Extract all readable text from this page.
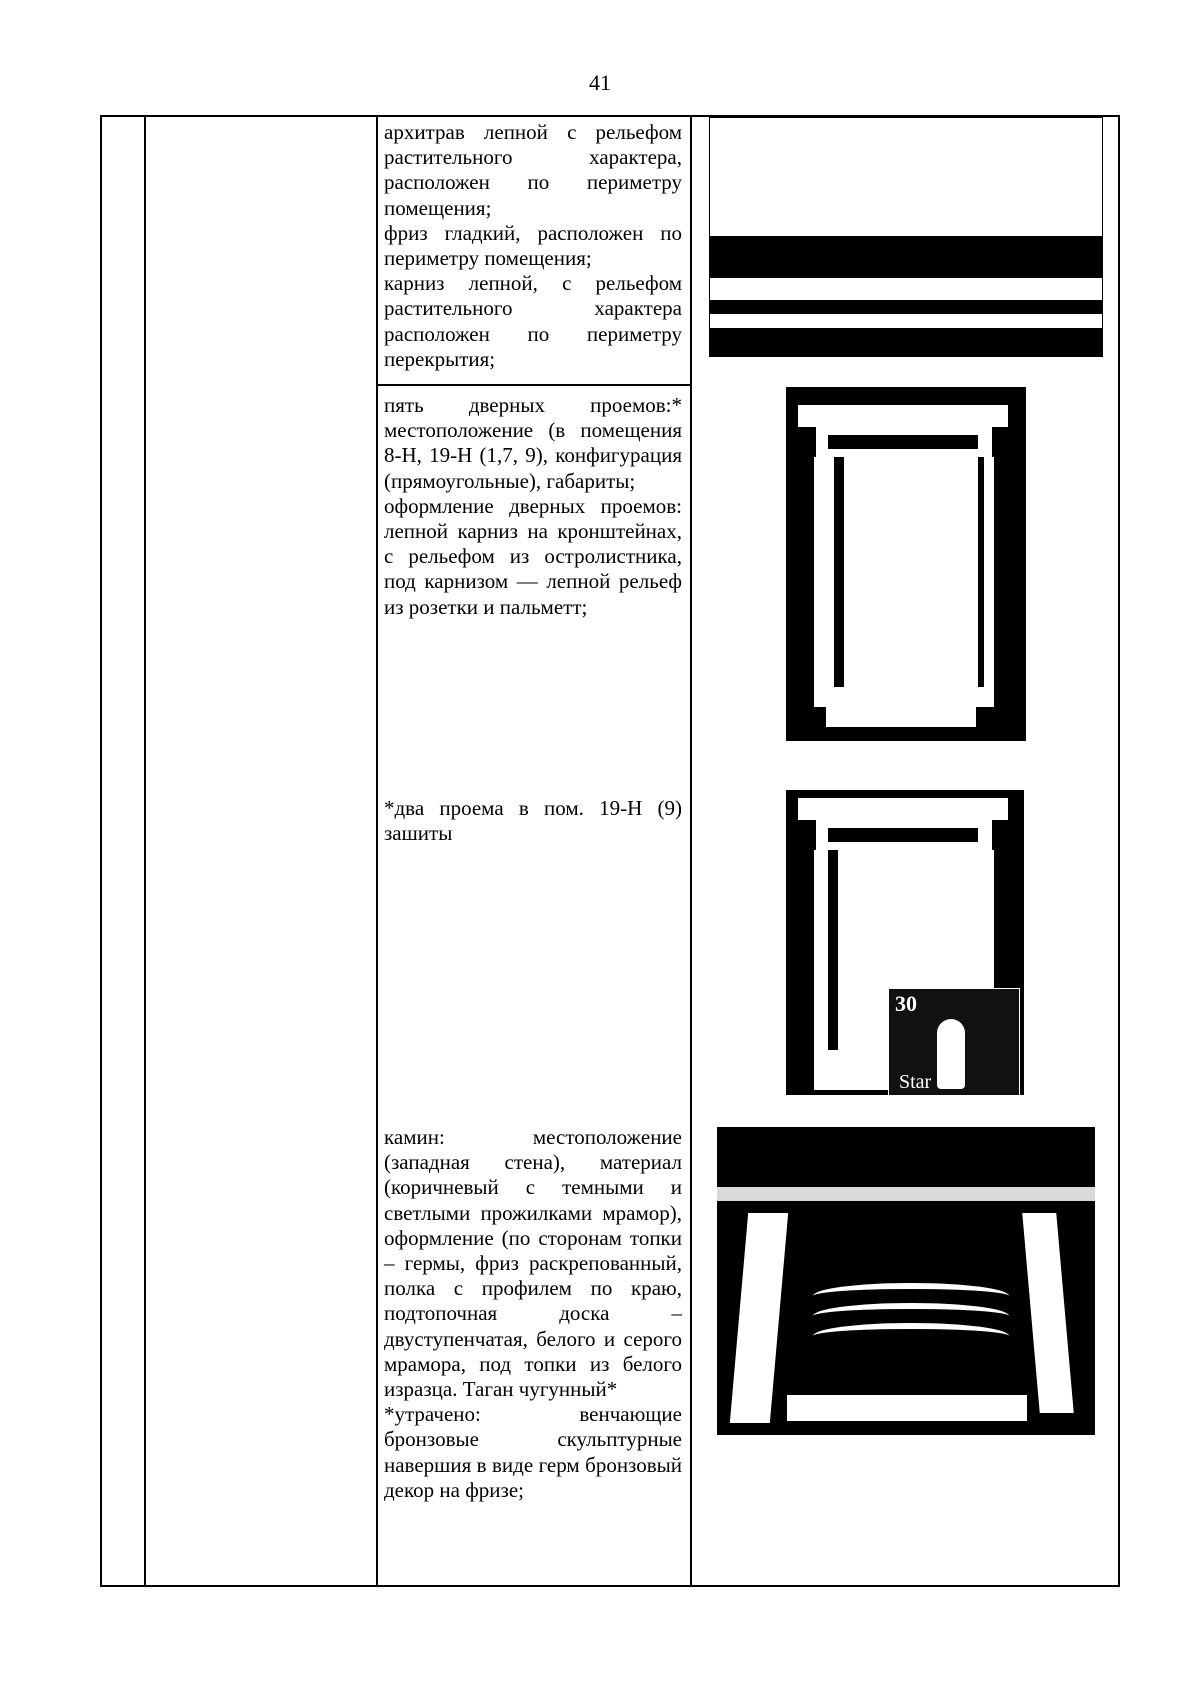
41

архитрав лепной с рельефом растительного характера, расположен по периметру помещения;

фриз гладкий, расположен по периметру помещения;

карниз лепной, с рельефом растительного характера расположен по периметру перекрытия;

пять дверных проемов:* местоположение (в помещения 8-Н, 19-Н (1,7, 9), конфигурация (прямоугольные), габариты;

оформление дверных проемов: лепной карниз на кронштейнах, с рельефом из остролистника, под карнизом — лепной рельеф из розетки и пальметт;

*два проема в пом. 19-Н (9) зашиты

камин: местоположение (западная стена), материал (коричневый с темными и светлыми прожилками мрамор), оформление (по сторонам топки – гермы, фриз раскрепованный, полка с профилем по краю, подтопочная доска – двуступенчатая, белого и серого мрамора, под топки из белого изразца. Таган чугунный*

*утрачено: венчающие бронзовые скульптурные навершия в виде герм бронзовый декор на фризе;

30
Star
